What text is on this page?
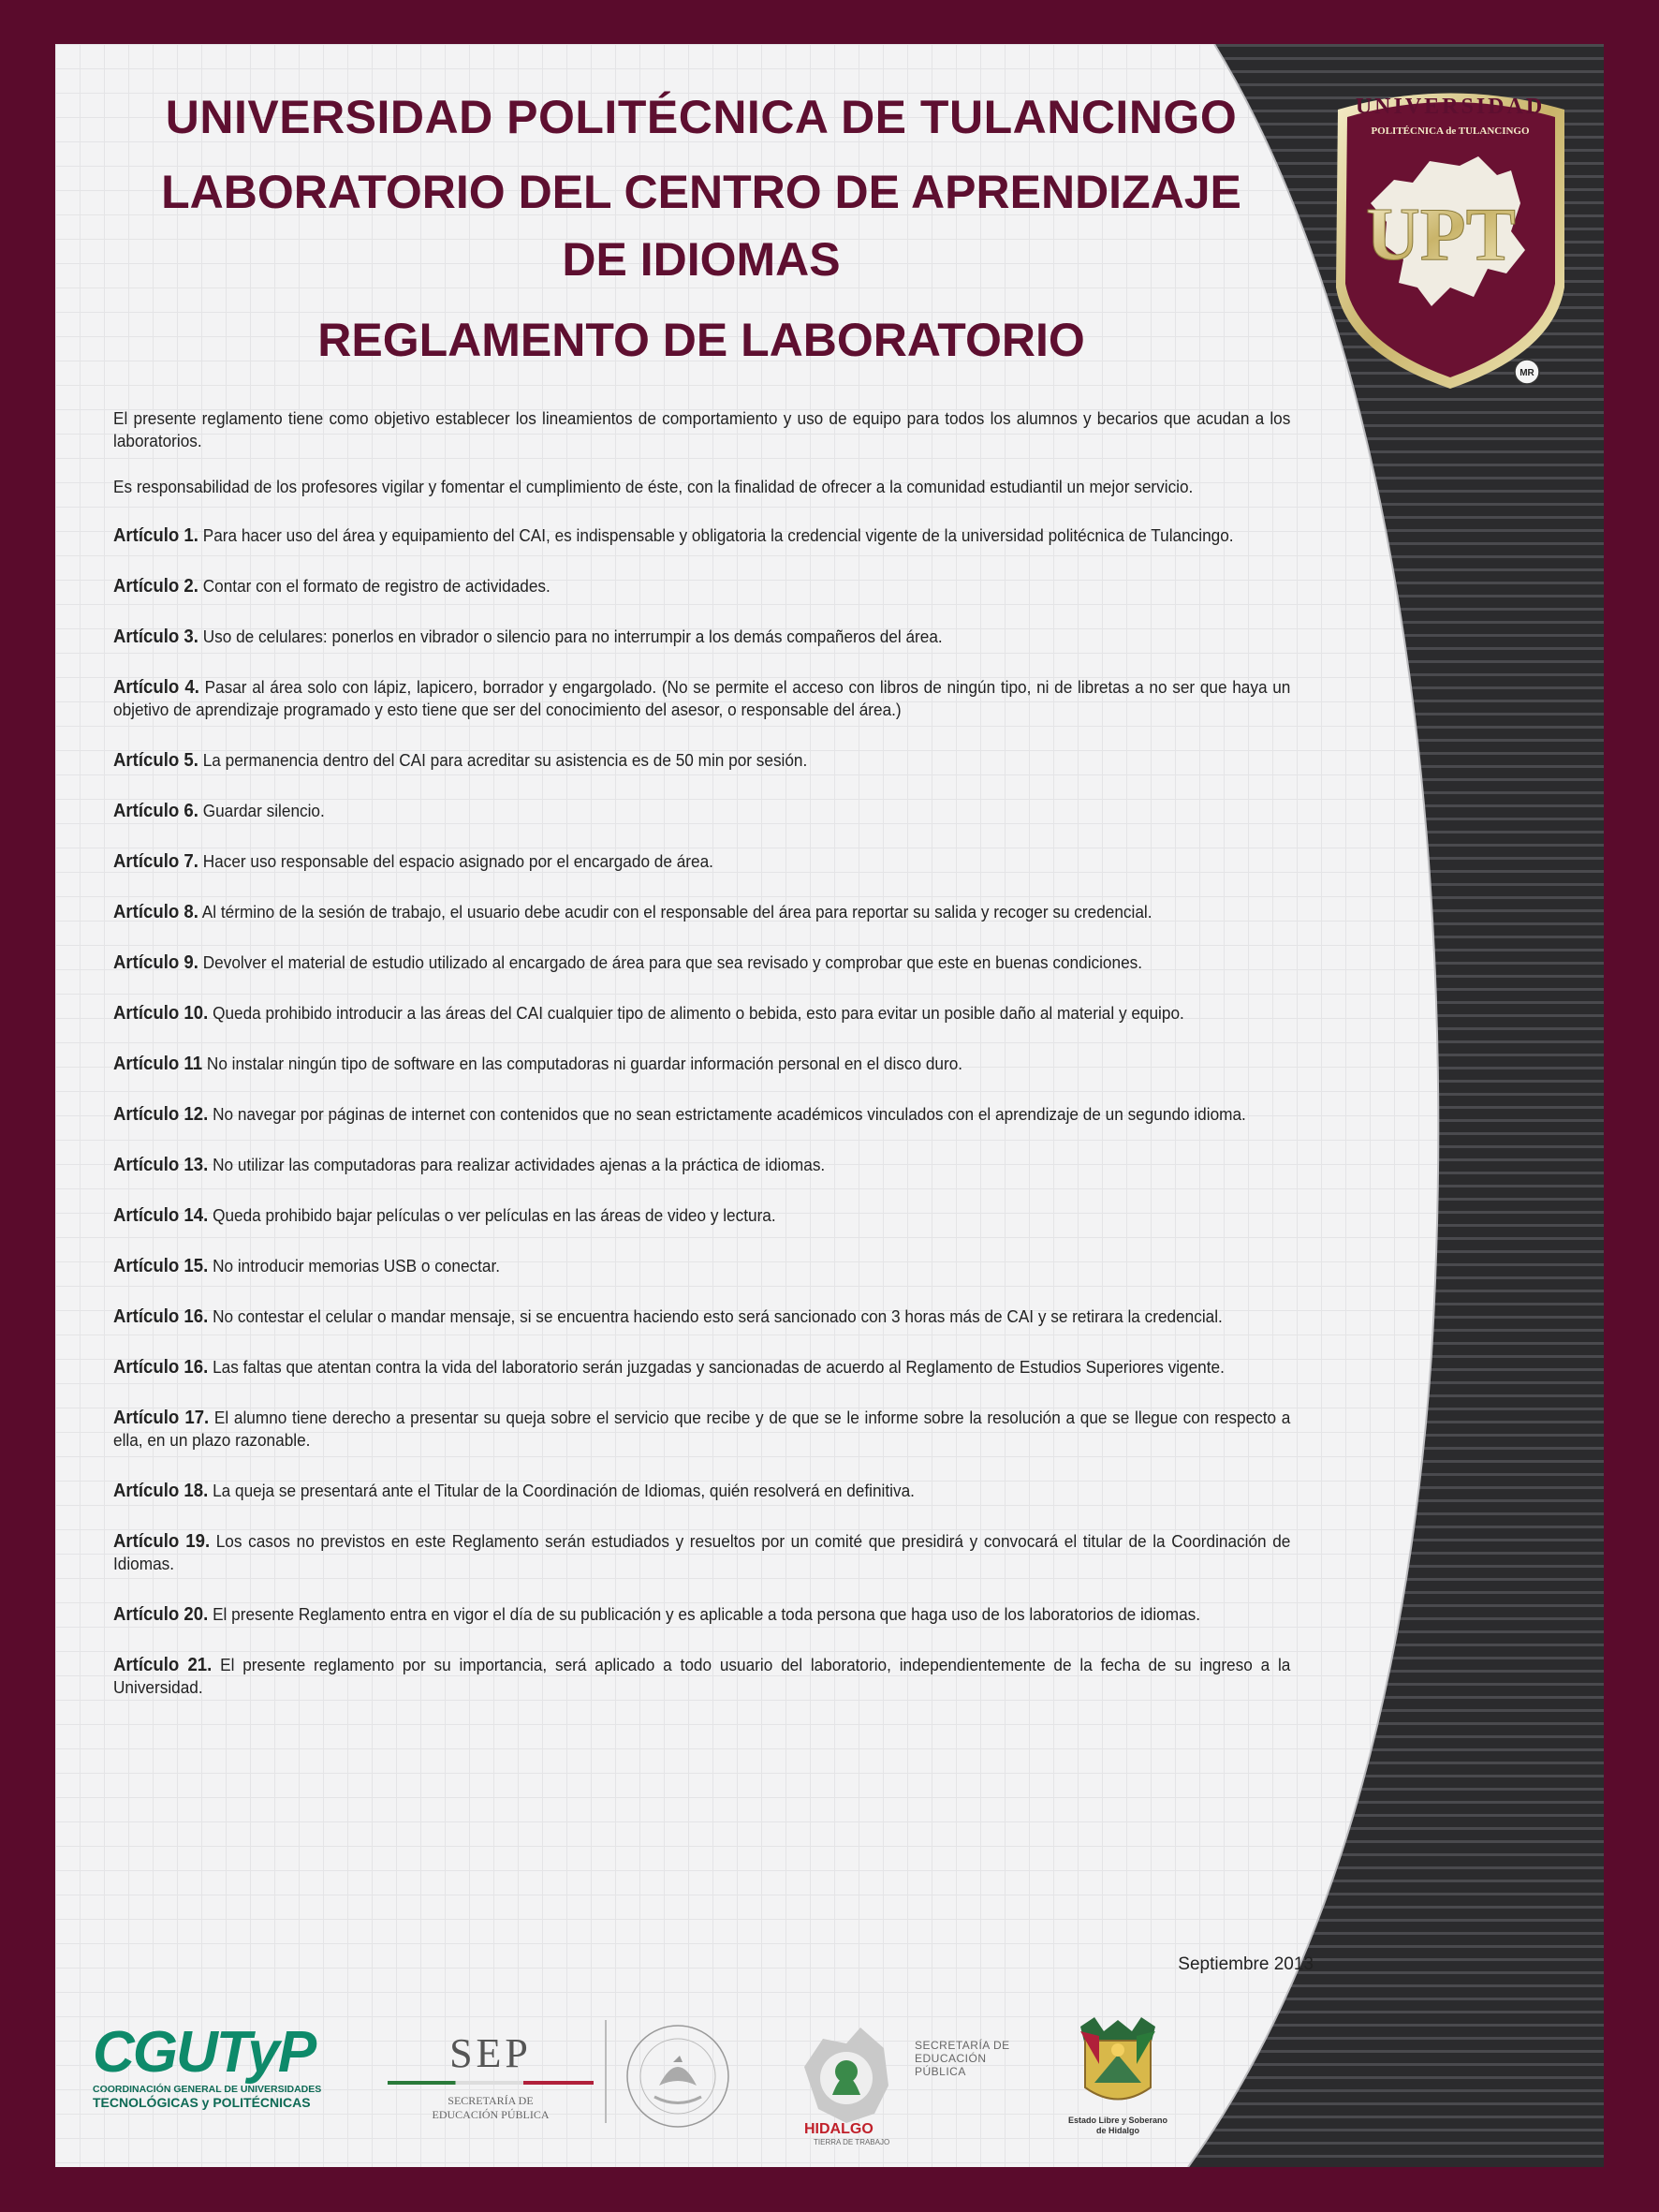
UNIVERSIDAD POLITÉCNICA DE TULANCINGO
LABORATORIO DEL CENTRO DE APRENDIZAJE
DE IDIOMAS
REGLAMENTO DE LABORATORIO
UPT
UNIVERSIDAD
POLITÉCNICA de TULANCINGO
MR

El presente reglamento tiene como objetivo establecer los lineamientos de comportamiento y uso de equipo para todos los alumnos y becarios que acudan a los laboratorios.

Es responsabilidad de los profesores vigilar y fomentar el cumplimiento de éste, con la finalidad de ofrecer a la comunidad estudiantil un mejor servicio.

Artículo 1. Para hacer uso del área y equipamiento del CAI, es indispensable y obligatoria la credencial vigente de la universidad politécnica de Tulancingo.

Artículo 2. Contar con el formato de registro de actividades.

Artículo 3. Uso de celulares: ponerlos en vibrador o silencio para no interrumpir a los demás compañeros del área.

Artículo 4. Pasar al área solo con lápiz, lapicero, borrador y engargolado. (No se permite el acceso con libros de ningún tipo, ni de libretas a no ser que haya un objetivo de aprendizaje programado y esto tiene que ser del conocimiento del asesor, o responsable del área.)

Artículo 5. La permanencia dentro del CAI para acreditar su asistencia es de 50 min por sesión.

Artículo 6. Guardar silencio.

Artículo 7. Hacer uso responsable del espacio asignado por el encargado de área.

Artículo 8. Al término de la sesión de trabajo, el usuario debe acudir con el responsable del área para reportar su salida y recoger su credencial.

Artículo 9. Devolver el material de estudio utilizado al encargado de área para que sea revisado y comprobar que este en buenas condiciones.

Artículo 10. Queda prohibido introducir a las áreas del CAI cualquier tipo de alimento o bebida, esto para evitar un posible daño al material y equipo.

Artículo 11 No instalar ningún tipo de software en las computadoras ni guardar información personal en el disco duro.

Artículo 12. No navegar por páginas de internet con contenidos que no sean estrictamente académicos vinculados con el aprendizaje de un segundo idioma.

Artículo 13. No utilizar las computadoras para realizar actividades ajenas a la práctica de idiomas.

Artículo 14. Queda prohibido bajar películas o ver películas en las áreas de video y lectura.

Artículo 15. No introducir memorias USB o conectar.

Artículo 16. No contestar el celular o mandar mensaje, si se encuentra haciendo esto será sancionado con 3 horas más de CAI y se retirara la credencial.

Artículo 16. Las faltas que atentan contra la vida del laboratorio serán juzgadas y sancionadas de acuerdo al Reglamento de Estudios Superiores vigente.

Artículo 17. El alumno tiene derecho a presentar su queja sobre el servicio que recibe y de que se le informe sobre la resolución a que se llegue con respecto a ella, en un plazo razonable.

Artículo 18. La queja se presentará ante el Titular de la Coordinación de Idiomas, quién resolverá en definitiva.

Artículo 19. Los casos no previstos en este Reglamento serán estudiados y resueltos por un comité que presidirá y convocará el titular de la Coordinación de Idiomas.

Artículo 20. El presente Reglamento entra en vigor el día de su publicación y es aplicable a toda persona que haga uso de los laboratorios de idiomas.

Artículo 21. El presente reglamento por su importancia, será aplicado a todo usuario del laboratorio, independientemente de la fecha de su ingreso a la Universidad.

Septiembre 2013
CGUTyP
COORDINACIÓN GENERAL DE UNIVERSIDADES
TECNOLÓGICAS y POLITÉCNICAS
SEP
SECRETARÍA DE
EDUCACIÓN PÚBLICA
HIDALGO
TIERRA DE TRABAJO
SECRETARÍA DE
EDUCACIÓN
PÚBLICA
Estado Libre y Soberano
de Hidalgo
